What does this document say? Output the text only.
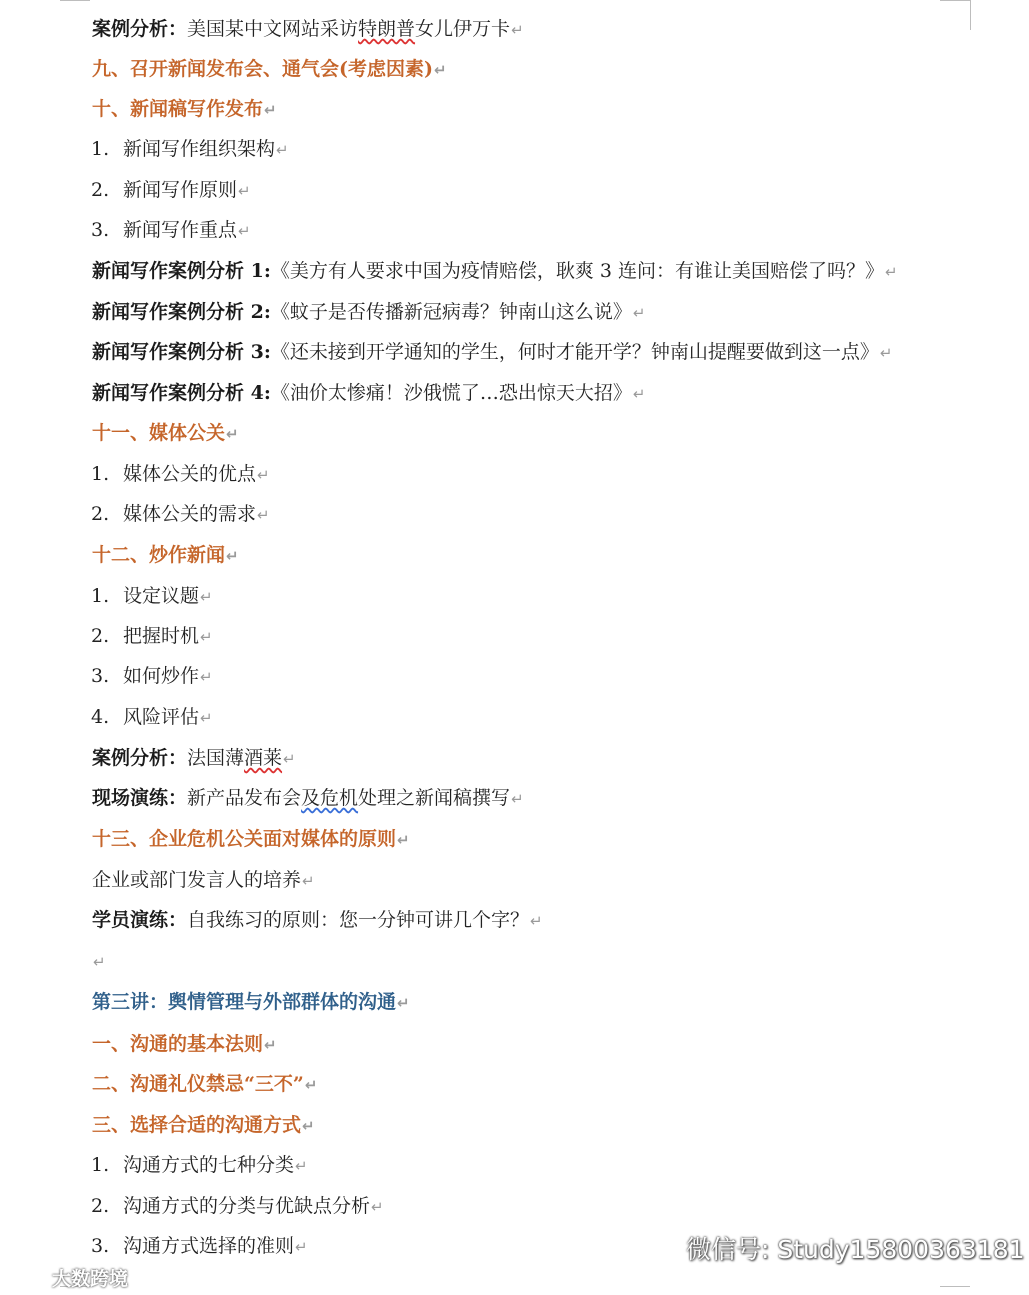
案例分析：美国某中文网站采访特朗普女儿伊万卡↵
九、召开新闻发布会、通气会(考虑因素)↵
十、新闻稿写作发布↵
1. 新闻写作组织架构↵
2. 新闻写作原则↵
3. 新闻写作重点↵
新闻写作案例分析 1:《美方有人要求中国为疫情赔偿，耿爽 3 连问：有谁让美国赔偿了吗？》↵
新闻写作案例分析 2:《蚊子是否传播新冠病毒？钟南山这么说》↵
新闻写作案例分析 3:《还未接到开学通知的学生，何时才能开学？钟南山提醒要做到这一点》↵
新闻写作案例分析 4:《油价太惨痛！沙俄慌了…恐出惊天大招》↵
十一、媒体公关↵
1. 媒体公关的优点↵
2. 媒体公关的需求↵
十二、炒作新闻↵
1. 设定议题↵
2. 把握时机↵
3. 如何炒作↵
4. 风险评估↵
案例分析：法国薄酒莱↵
现场演练：新产品发布会及危机处理之新闻稿撰写↵
十三、企业危机公关面对媒体的原则↵
企业或部门发言人的培养↵
学员演练：自我练习的原则：您一分钟可讲几个字？↵
↵
第三讲：舆情管理与外部群体的沟通↵
一、沟通的基本法则↵
二、沟通礼仪禁忌“三不”↵
三、选择合适的沟通方式↵
1. 沟通方式的七种分类↵
2. 沟通方式的分类与优缺点分析↵
3. 沟通方式选择的准则↵	微信号: Study15800363181
大数跨境
